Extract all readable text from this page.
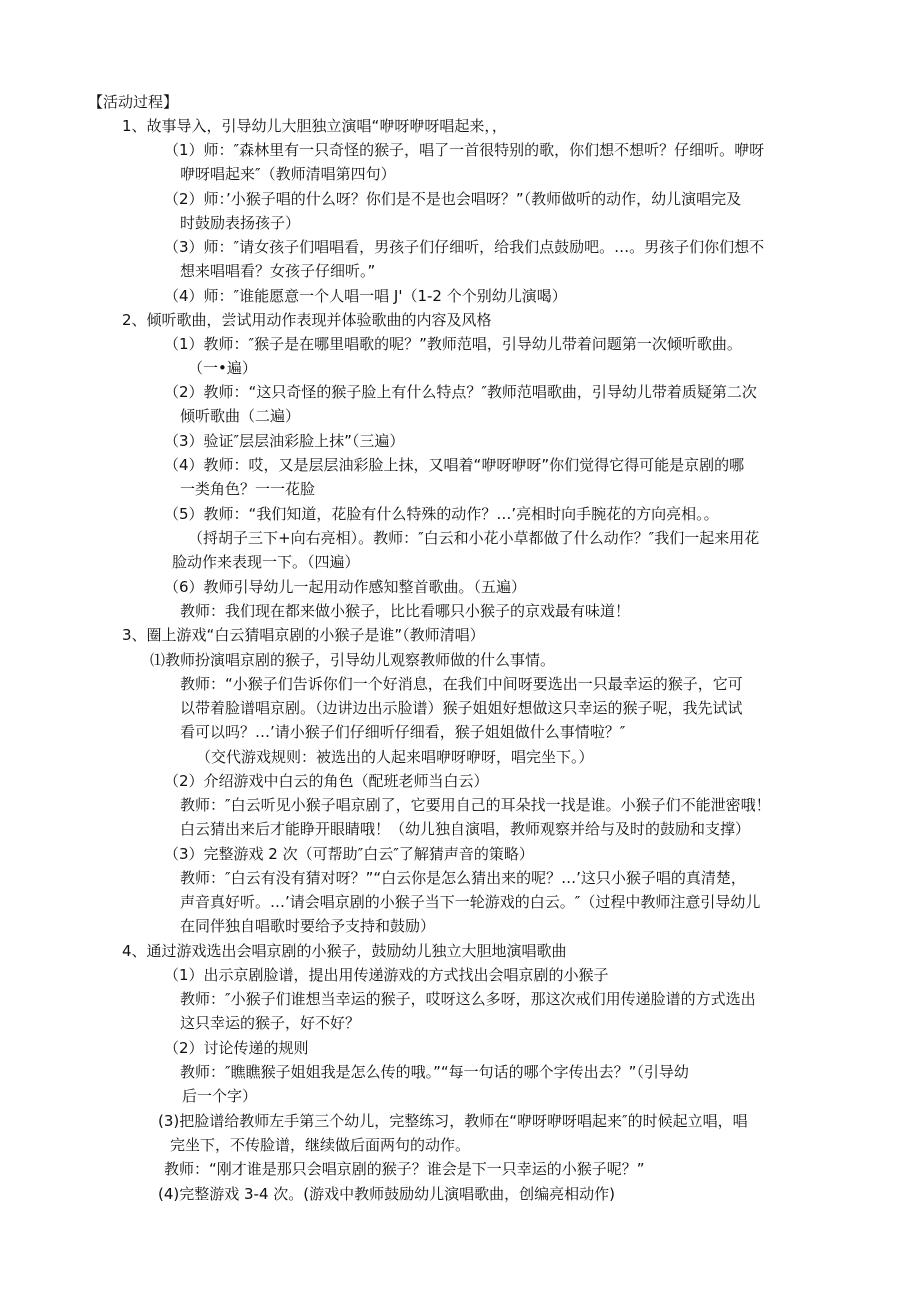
【活动过程】
1、故事导入，引导幼儿大胆独立演唱“咿呀咿呀唱起来，，
（1）师：″森林里有一只奇怪的猴子，唱了一首很特别的歌，你们想不想听？仔细听。咿呀
咿呀唱起来″（教师清唱第四句）
（2）师：’小猴子唱的什么呀？你们是不是也会唱呀？”（教师做听的动作，幼儿演唱完及
时鼓励表扬孩子）
（3）师：″请女孩子们唱唱看，男孩子们仔细听，给我们点鼓励吧。…。男孩子们你们想不
想来唱唱看？女孩子仔细听。”
（4）师：″谁能愿意一个人唱一唱 J'（1-2 个个别幼儿演喝）
2、倾听歌曲，尝试用动作表现并体验歌曲的内容及风格
（1）教师：″猴子是在哪里唱歌的呢？”教师范唱，引导幼儿带着问题第一次倾听歌曲。
（一•遍）
（2）教师：“这只奇怪的猴子脸上有什么特点？″教师范唱歌曲，引导幼儿带着质疑第二次
倾听歌曲（二遍）
（3）验证″层层油彩脸上抹”（三遍）
（4）教师：哎，又是层层油彩脸上抹，又唱着“咿呀咿呀”你们觉得它得可能是京剧的哪
一类角色？一一花脸
（5）教师：“我们知道，花脸有什么特殊的动作？…’亮相时向手腕花的方向亮相。。
（捋胡子三下+向右亮相）。教师：″白云和小花小草都做了什么动作？″我们一起来用花
脸动作来表现一下。（四遍）
（6）教师引导幼儿一起用动作感知整首歌曲。（五遍）
教师：我们现在都来做小猴子，比比看哪只小猴子的京戏最有味道！
3、圈上游戏“白云猜唱京剧的小猴子是谁”（教师清唱）
⑴教师扮演唱京剧的猴子，引导幼儿观察教师做的什么事情。
教师：“小猴子们告诉你们一个好消息，在我们中间呀要选出一只最幸运的猴子，它可
以带着脸谱唱京剧。（边讲边出示脸谱）猴子姐姐好想做这只幸运的猴子呢，我先试试
看可以吗？…’请小猴子们仔细听仔细看，猴子姐姐做什么事情啦？″
（交代游戏规则：被选出的人起来唱咿呀咿呀，唱完坐下。）
（2）介绍游戏中白云的角色（配班老师当白云）
教师：″白云听见小猴子唱京剧了，它要用自己的耳朵找一找是谁。小猴子们不能泄密哦！
白云猜出来后才能睁开眼睛哦！（幼儿独自演唱，教师观察并给与及时的鼓励和支撑）
（3）完整游戏 2 次（可帮助″白云″了解猜声音的策略）
教师：″白云有没有猜对呀？”“白云你是怎么猜出来的呢？…’这只小猴子唱的真清楚，
声音真好听。…’请会唱京剧的小猴子当下一轮游戏的白云。″（过程中教师注意引导幼儿
在同伴独自唱歌时要给予支持和鼓励）
4、通过游戏选出会唱京剧的小猴子，鼓励幼儿独立大胆地演唱歌曲
（1）出示京剧脸谱，提出用传递游戏的方式找出会唱京剧的小猴子
教师：″小猴子们谁想当幸运的猴子，哎呀这么多呀，那这次戒们用传递脸谱的方式选出
这只幸运的猴子，好不好？
（2）讨论传递的规则
教师：″瞧瞧猴子姐姐我是怎么传的哦。”“每一句话的哪个字传出去？”（引导幼
后一个字）
(3)把脸谱给教师左手第三个幼儿，完整练习，教师在“咿呀咿呀唱起来″的时候起立唱，唱
完坐下，不传脸谱，继续做后面两句的动作。
教师：“刚才谁是那只会唱京剧的猴子？谁会是下一只幸运的小猴子呢？”
(4)完整游戏 3-4 次。(游戏中教师鼓励幼儿演唱歌曲，创编亮相动作)
